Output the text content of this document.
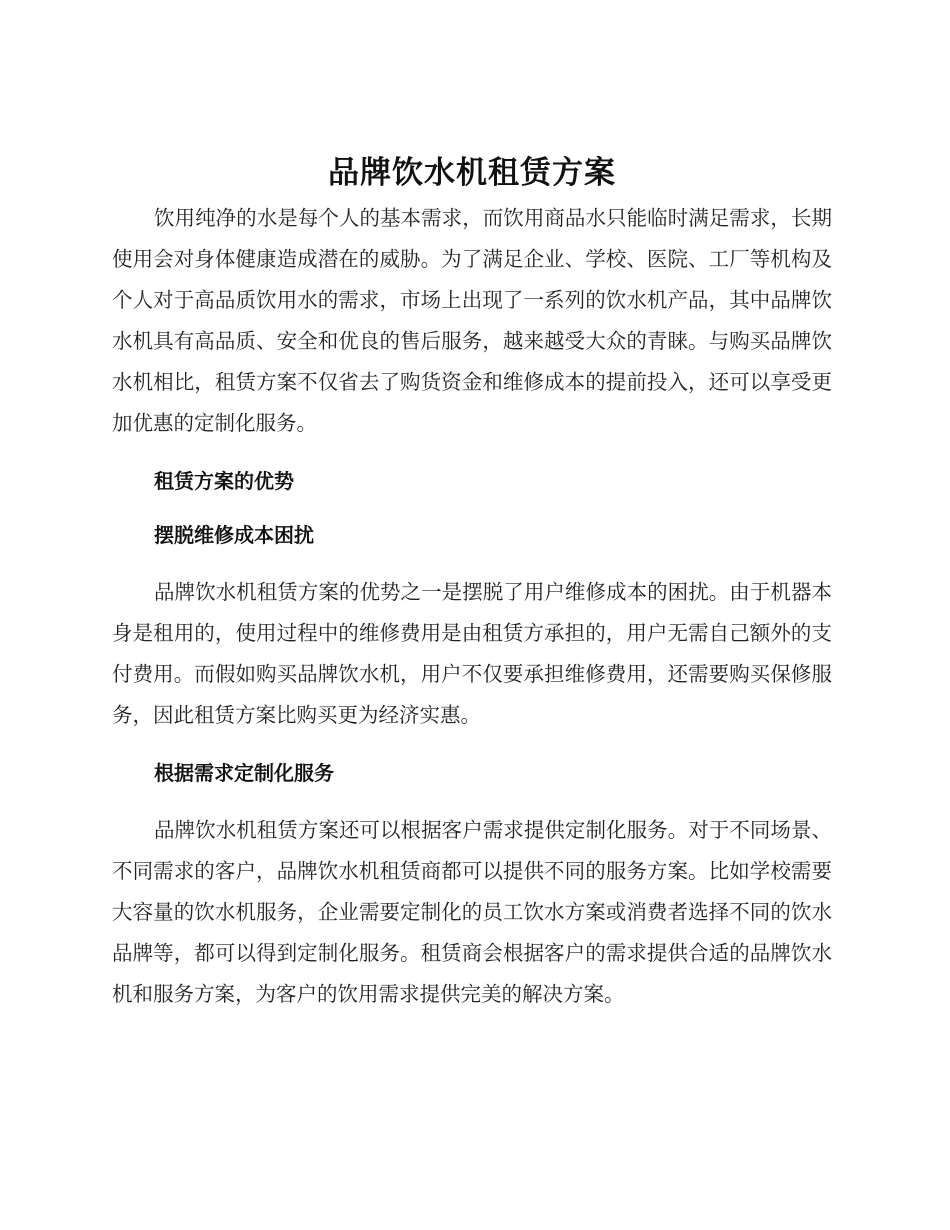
品牌饮水机租赁方案

饮用纯净的水是每个人的基本需求，而饮用商品水只能临时满足需求，长期使用会对身体健康造成潜在的威胁。为了满足企业、学校、医院、工厂等机构及个人对于高品质饮用水的需求，市场上出现了一系列的饮水机产品，其中品牌饮水机具有高品质、安全和优良的售后服务，越来越受大众的青睐。与购买品牌饮水机相比，租赁方案不仅省去了购货资金和维修成本的提前投入，还可以享受更加优惠的定制化服务。

租赁方案的优势
摆脱维修成本困扰

品牌饮水机租赁方案的优势之一是摆脱了用户维修成本的困扰。由于机器本身是租用的，使用过程中的维修费用是由租赁方承担的，用户无需自己额外的支付费用。而假如购买品牌饮水机，用户不仅要承担维修费用，还需要购买保修服务，因此租赁方案比购买更为经济实惠。

根据需求定制化服务

品牌饮水机租赁方案还可以根据客户需求提供定制化服务。对于不同场景、不同需求的客户，品牌饮水机租赁商都可以提供不同的服务方案。比如学校需要大容量的饮水机服务，企业需要定制化的员工饮水方案或消费者选择不同的饮水品牌等，都可以得到定制化服务。租赁商会根据客户的需求提供合适的品牌饮水机和服务方案，为客户的饮用需求提供完美的解决方案。
